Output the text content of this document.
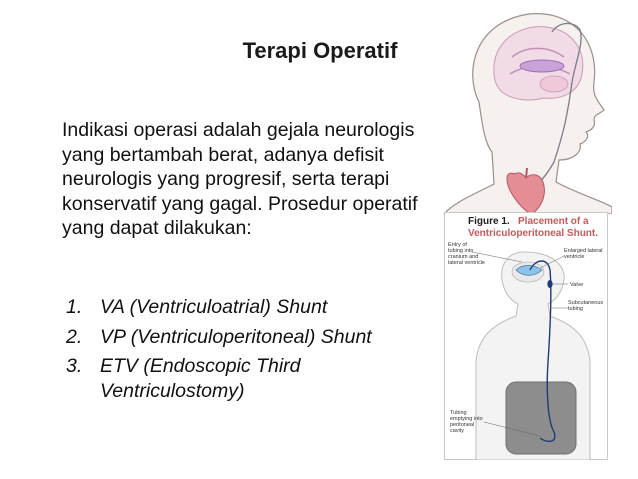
Terapi Operatif
Indikasi operasi adalah gejala neurologis yang bertambah berat, adanya defisit neurologis yang progresif, serta terapi konservatif yang gagal. Prosedur operatif yang dapat dilakukan:
1. VA (Ventriculoatrial) Shunt
2. VP (Ventriculoperitoneal) Shunt
3. ETV (Endoscopic Third Ventriculostomy)
Figure 1. Placement of a
Ventriculoperitoneal Shunt.
Entry of tubing into cranium and lateral ventricle
Enlarged lateral ventricle
Valve
Subcutaneous tubing
Tubing emptying into peritoneal cavity
